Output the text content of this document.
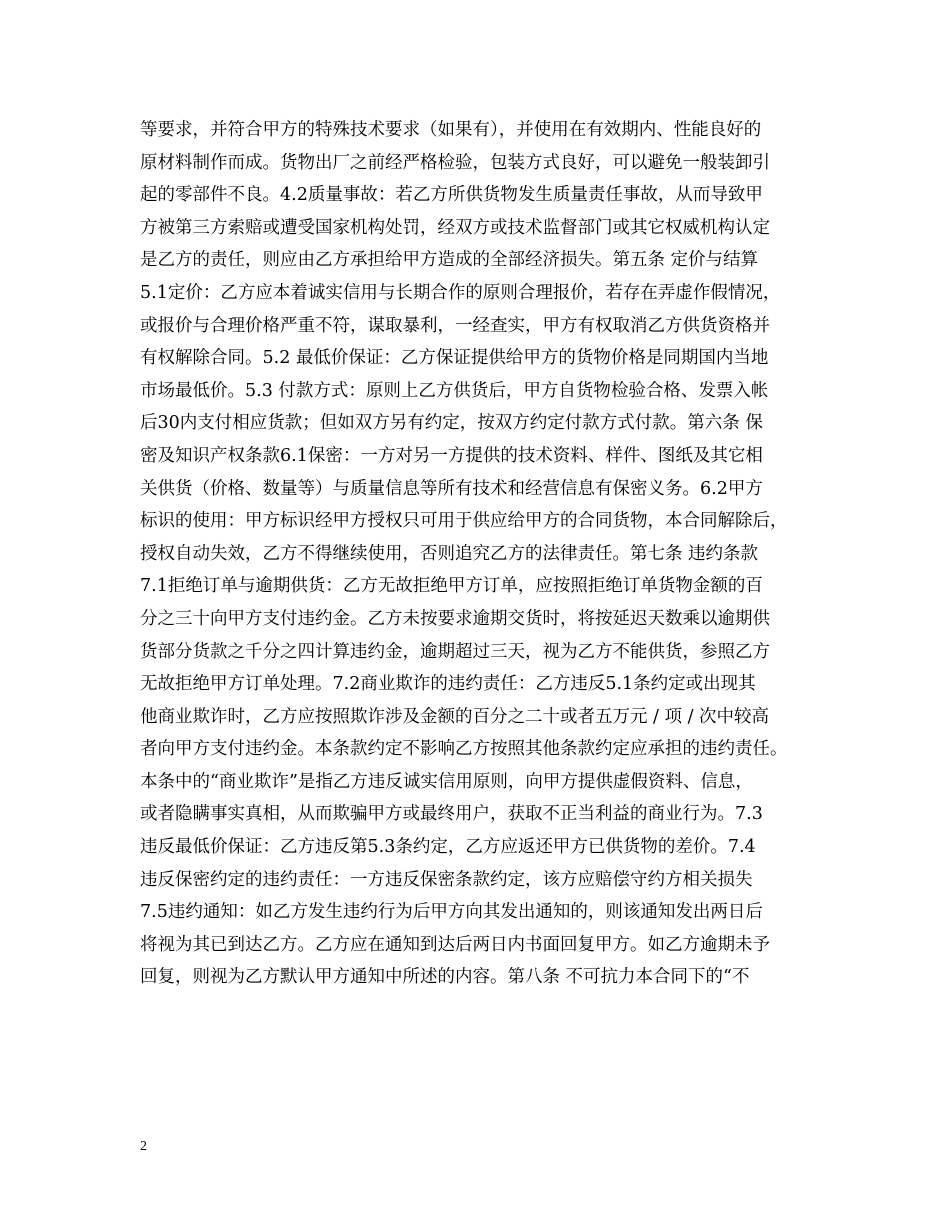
等要求，并符合甲方的特殊技术要求（如果有），并使用在有效期内、性能良好的
原材料制作而成。货物出厂之前经严格检验，包装方式良好，可以避免一般装卸引
起的零部件不良。4.2质量事故：若乙方所供货物发生质量责任事故，从而导致甲
方被第三方索赔或遭受国家机构处罚，经双方或技术监督部门或其它权威机构认定
是乙方的责任，则应由乙方承担给甲方造成的全部经济损失。第五条 定价与结算
5.1定价：乙方应本着诚实信用与长期合作的原则合理报价，若存在弄虚作假情况，
或报价与合理价格严重不符，谋取暴利，一经查实，甲方有权取消乙方供货资格并
有权解除合同。5.2 最低价保证：乙方保证提供给甲方的货物价格是同期国内当地
市场最低价。5.3 付款方式：原则上乙方供货后，甲方自货物检验合格、发票入帐
后30内支付相应货款；但如双方另有约定，按双方约定付款方式付款。第六条 保
密及知识产权条款6.1保密：一方对另一方提供的技术资料、样件、图纸及其它相
关供货（价格、数量等）与质量信息等所有技术和经营信息有保密义务。6.2甲方
标识的使用：甲方标识经甲方授权只可用于供应给甲方的合同货物，本合同解除后，
授权自动失效，乙方不得继续使用，否则追究乙方的法律责任。第七条 违约条款
7.1拒绝订单与逾期供货：乙方无故拒绝甲方订单，应按照拒绝订单货物金额的百
分之三十向甲方支付违约金。乙方未按要求逾期交货时，将按延迟天数乘以逾期供
货部分货款之千分之四计算违约金，逾期超过三天，视为乙方不能供货，参照乙方
无故拒绝甲方订单处理。7.2商业欺诈的违约责任：乙方违反5.1条约定或出现其
他商业欺诈时，乙方应按照欺诈涉及金额的百分之二十或者五万元 / 项 / 次中较高
者向甲方支付违约金。本条款约定不影响乙方按照其他条款约定应承担的违约责任。
本条中的“商业欺诈”是指乙方违反诚实信用原则，向甲方提供虚假资料、信息，
或者隐瞒事实真相，从而欺骗甲方或最终用户，获取不正当利益的商业行为。7.3
违反最低价保证：乙方违反第5.3条约定，乙方应返还甲方已供货物的差价。7.4
违反保密约定的违约责任：一方违反保密条款约定，该方应赔偿守约方相关损失
7.5违约通知：如乙方发生违约行为后甲方向其发出通知的，则该通知发出两日后
将视为其已到达乙方。乙方应在通知到达后两日内书面回复甲方。如乙方逾期未予
回复，则视为乙方默认甲方通知中所述的内容。第八条 不可抗力本合同下的“不
2
